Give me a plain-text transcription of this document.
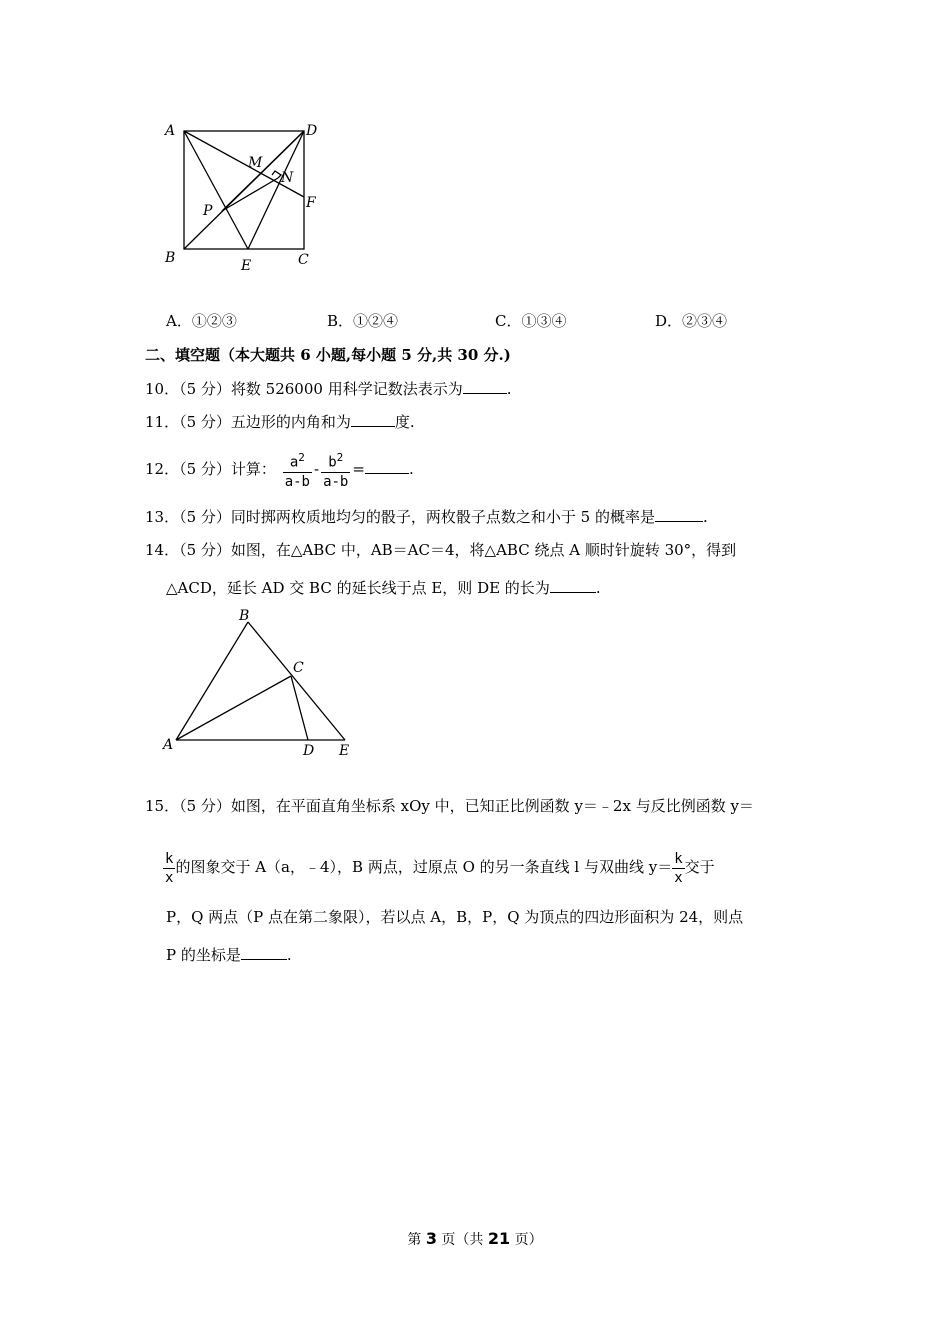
A	D
M
N
F
P
B	E	C
A．①②③	B．①②④	C．①③④	D．②③④
二、填空题（本大题共 6 小题,每小题 5 分,共 30 分.)
10．（5 分）将数 526000 用科学记数法表示为	.
11．（5 分）五边形的内角和为	度.
12．（5 分）计算： $\frac{a^2}{a-b} - \frac{b^2}{a-b}$ =	.
13．（5 分）同时掷两枚质地均匀的骰子，两枚骰子点数之和小于 5 的概率是	.
14．（5 分）如图，在△ABC 中，AB＝AC＝4，将△ABC 绕点 A 顺时针旋转 30°，得到
△ACD，延长 AD 交 BC 的延长线于点 E，则 DE 的长为	.
A
B
C
D E
15．（5 分）如图，在平面直角坐标系 xOy 中，已知正比例函数 y＝﹣2x 与反比例函数 y＝
$\frac{k}{x}$ 的图象交于 A（a，﹣4），B 两点，过原点 O 的另一条直线 l 与双曲线 $y= \frac{k}{x}$ 交于
P，Q 两点（P 点在第二象限），若以点 A，B，P，Q 为顶点的四边形面积为 24，则点
P 的坐标是	.
第 3 页（共 21 页）
